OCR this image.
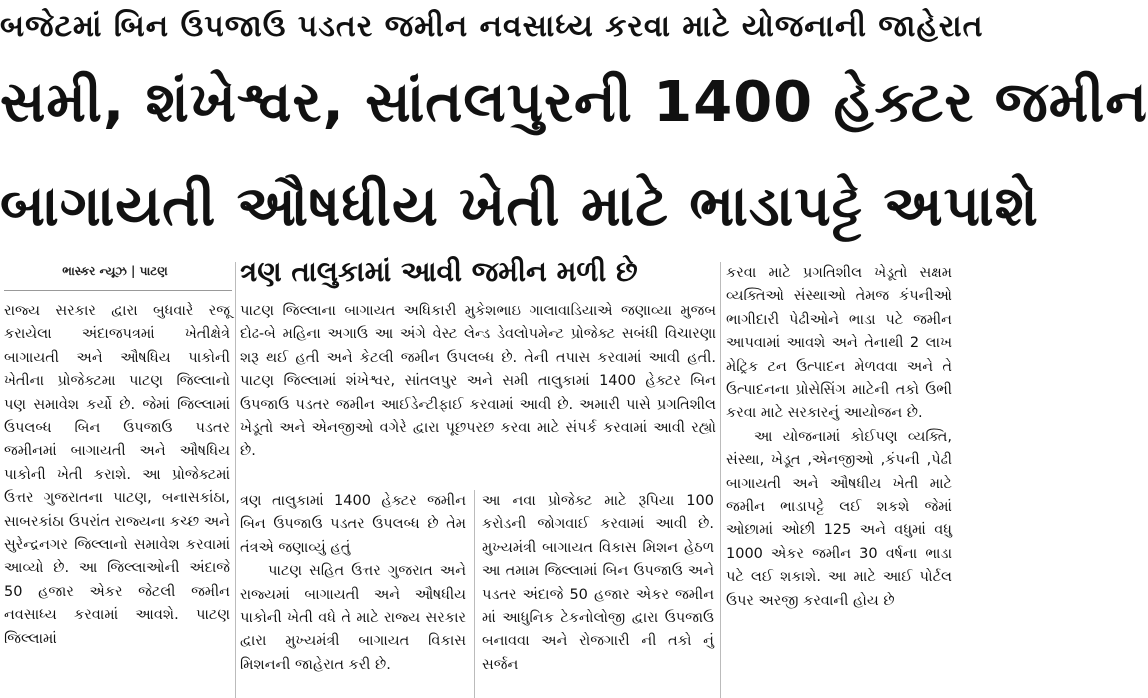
બજેટમાં બિન ઉપજાઉ પડતર જમીન નવસાધ્ય કરવા માટે યોજનાની જાહેરાત
સમી, શંખેશ્વર, સાંતલપુરની 1400 હેક્ટર જમીન
બાગાયતી ઔષધીય ખેતી માટે ભાડાપટ્ટે અપાશે
ભાસ્કર ન્યૂઝ | પાટણ	ત્રણ તાલુકામાં આવી જમીન મળી છે

રાજ્ય સરકાર દ્વારા બુધવારે રજૂ કરાયેલા અંદાજપત્રમાં ખેતીક્ષેત્રે બાગાયતી અને ઔષધિય પાકોની ખેતીના પ્રોજેક્ટમા પાટણ જિલ્લાનો પણ સમાવેશ કર્યો છે. જેમાં જિલ્લામાં ઉપલબ્ધ બિન ઉપજાઉ પડતર જમીનમાં બાગાયતી અને ઔષધિય પાકોની ખેતી કરાશે. આ પ્રોજેક્ટમાં ઉત્તર ગુજરાતના પાટણ, બનાસકાંઠા, સાબરકાંઠા ઉપરાંત રાજ્યના કચ્છ અને સુરેન્દ્રનગર જિલ્લાનો સમાવેશ કરવામાં આવ્યો છે. આ જિલ્લાઓની અંદાજે 50 હજાર એકર જેટલી જમીન નવસાધ્ય કરવામાં આવશે. પાટણ જિલ્લામાં

પાટણ જિલ્લાના બાગાયત અધિકારી મુકેશભાઇ ગાલાવાડિયાએ જણાવ્યા મુજબ દોઢ-બે મહિના અગાઉ આ અંગે વેસ્ટ લેન્ડ ડેવલોપમેન્ટ પ્રોજેક્ટ સબંધી વિચારણા શરૂ થઈ હતી અને કેટલી જમીન ઉપલબ્ધ છે. તેની તપાસ કરવામાં આવી હતી. પાટણ જિલ્લામાં શંખેશ્વર, સાંતલપુર અને સમી તાલુકામાં 1400 હેક્ટર બિન ઉપજાઉ પડતર જમીન આઈડેન્ટીફાઈ કરવામાં આવી છે. અમારી પાસે પ્રગતિશીલ ખેડૂતો અને એનજીઓ વગેરે દ્વારા પૂછપરછ કરવા માટે સંપર્ક કરવામાં આવી રહ્યો છે.

ત્રણ તાલુકામાં 1400 હેક્ટર જમીન બિન ઉપજાઉ પડતર ઉપલબ્ધ છે તેમ તંત્રએ જણાવ્યું હતું

પાટણ સહિત ઉત્તર ગુજરાત અને રાજ્યમાં બાગાયતી અને ઔષધીય પાકોની ખેતી વધે તે માટે રાજ્ય સરકાર દ્વારા મુખ્યમંત્રી બાગાયત વિકાસ મિશનની જાહેરાત કરી છે.

આ નવા પ્રોજેક્ટ માટે રૂપિયા 100 કરોડની જોગવાઈ કરવામાં આવી છે. મુખ્યમંત્રી બાગાયત વિકાસ મિશન હેઠળ આ તમામ જિલ્લામાં બિન ઉપજાઉ અને પડતર અંદાજે 50 હજાર એકર જમીન માં આધુનિક ટેકનોલોજી દ્વારા ઉપજાઉ બનાવવા અને રોજગારી ની તકો નું સર્જન

કરવા માટે પ્રગતિશીલ ખેડૂતો સક્ષમ વ્યક્તિઓ સંસ્થાઓ તેમજ કંપનીઓ ભાગીદારી પેઢીઓને ભાડા પટે જમીન આપવામાં આવશે અને તેનાથી 2 લાખ મેટ્રિક ટન ઉત્પાદન મેળવવા અને તે ઉત્પાદનના પ્રોસેસિંગ માટેની તકો ઉભી કરવા માટે સરકારનું આયોજન છે.

આ યોજનામાં કોઈપણ વ્યક્તિ, સંસ્થા, ખેડૂત ,એનજીઓ ,કંપની ,પેઢી બાગાયતી અને ઔષધીય ખેતી માટે જમીન ભાડાપટ્ટે લઈ શકશે જેમાં ઓછામાં ઓછી 125 અને વધુમાં વધુ 1000 એકર જમીન 30 વર્ષના ભાડા પટે લઈ શકાશે. આ માટે આઈ પોર્ટલ ઉપર અરજી કરવાની હોય છે
